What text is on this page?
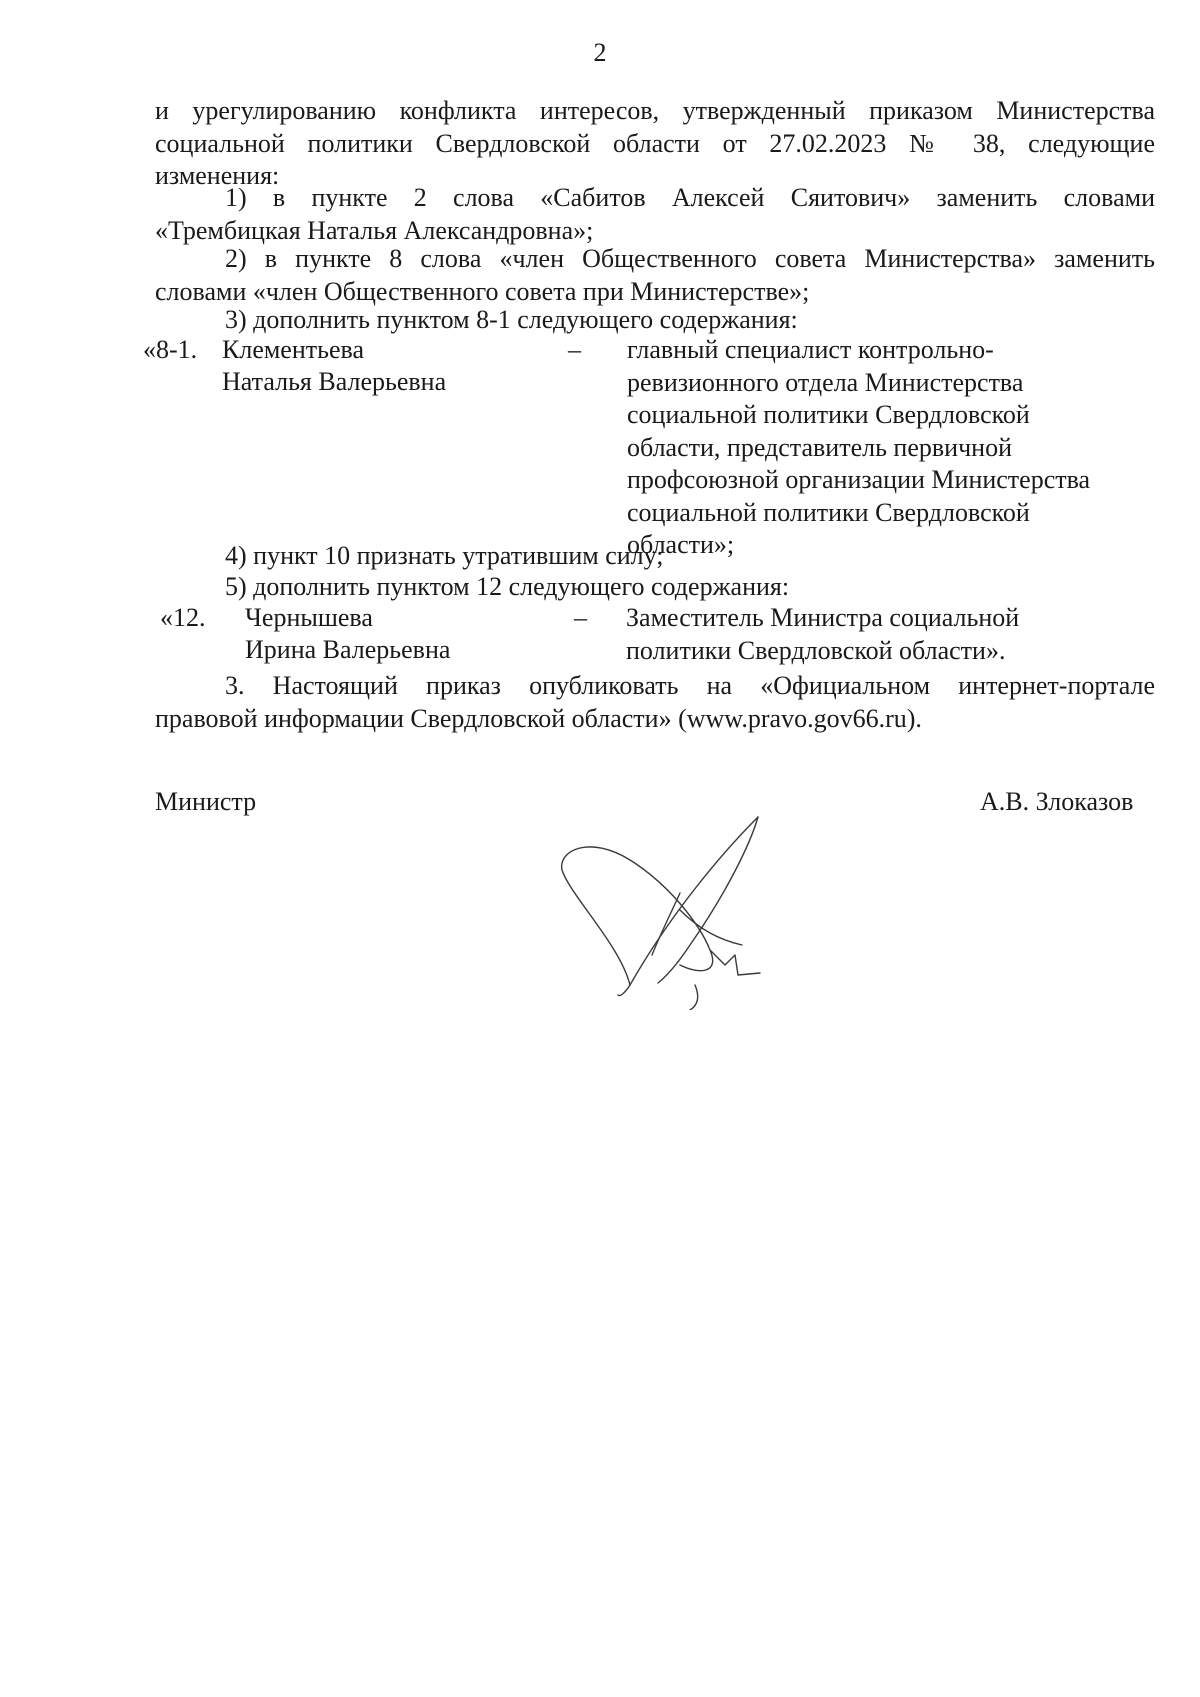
2
и урегулированию конфликта интересов, утвержденный приказом Министерства
социальной политики Свердловской области от 27.02.2023 № 38, следующие
изменения:
1) в пункте 2 слова «Сабитов Алексей Сяитович» заменить словами
«Трембицкая Наталья Александровна»;
2) в пункте 8 слова «член Общественного совета Министерства» заменить
словами «член Общественного совета при Министерстве»;
3) дополнить пунктом 8-1 следующего содержания:
«8-1. Клементьева
Наталья Валерьевна
– главный специалист контрольно-
ревизионного отдела Министерства
социальной политики Свердловской
области, представитель первичной
профсоюзной организации Министерства
социальной политики Свердловской
области»;
4) пункт 10 признать утратившим силу;
5) дополнить пунктом 12 следующего содержания:
«12. Чернышева
Ирина Валерьевна
– Заместитель Министра социальной
политики Свердловской области».
3. Настоящий приказ опубликовать на «Официальном интернет-портале
правовой информации Свердловской области» (www.pravo.gov66.ru).
Министр	А.В. Злоказов
